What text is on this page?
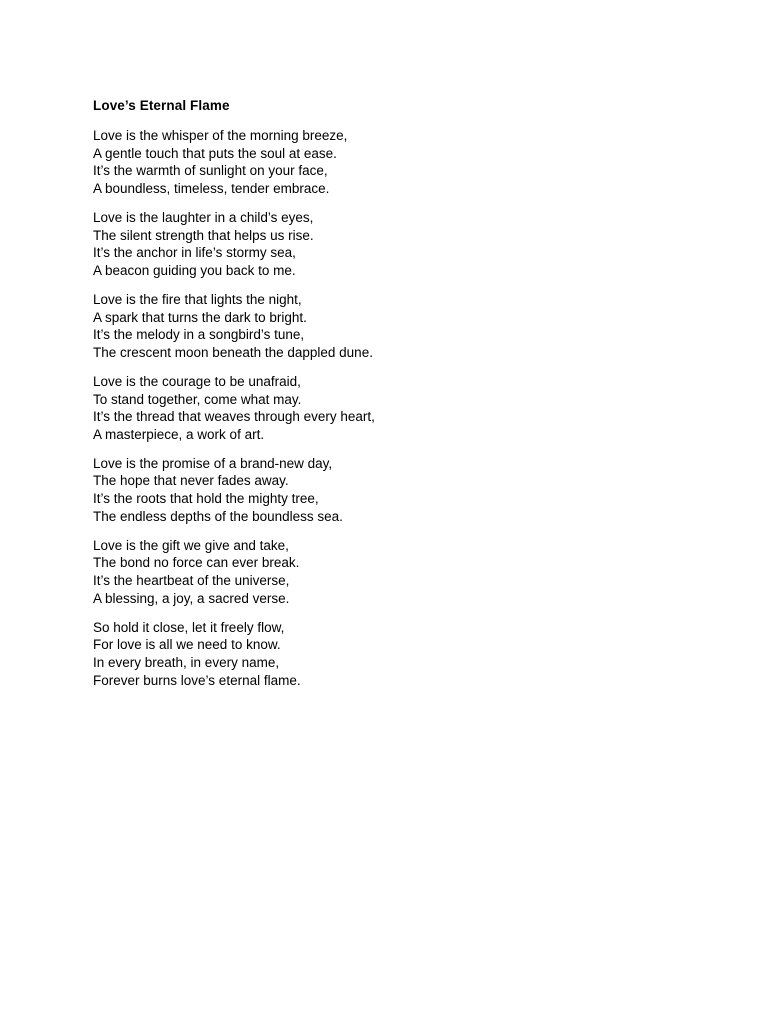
Love’s Eternal Flame
Love is the whisper of the morning breeze,
A gentle touch that puts the soul at ease.
It’s the warmth of sunlight on your face,
A boundless, timeless, tender embrace.
Love is the laughter in a child’s eyes,
The silent strength that helps us rise.
It’s the anchor in life’s stormy sea,
A beacon guiding you back to me.
Love is the fire that lights the night,
A spark that turns the dark to bright.
It’s the melody in a songbird’s tune,
The crescent moon beneath the dappled dune.
Love is the courage to be unafraid,
To stand together, come what may.
It’s the thread that weaves through every heart,
A masterpiece, a work of art.
Love is the promise of a brand-new day,
The hope that never fades away.
It’s the roots that hold the mighty tree,
The endless depths of the boundless sea.
Love is the gift we give and take,
The bond no force can ever break.
It’s the heartbeat of the universe,
A blessing, a joy, a sacred verse.
So hold it close, let it freely flow,
For love is all we need to know.
In every breath, in every name,
Forever burns love’s eternal flame.
